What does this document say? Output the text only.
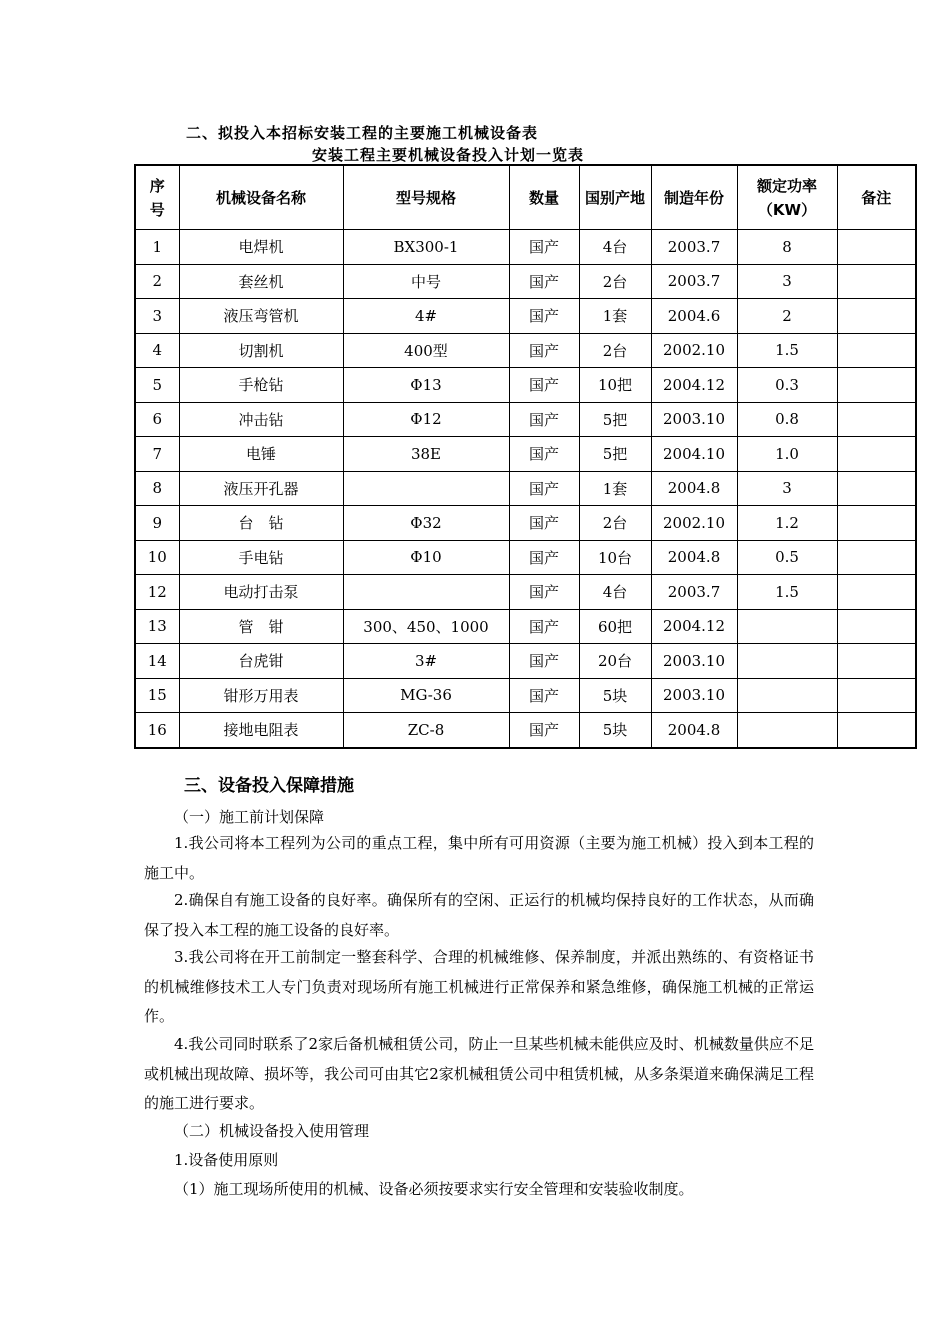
二、拟投入本招标安装工程的主要施工机械设备表
安装工程主要机械设备投入计划一览表
序号	机械设备名称	型号规格	数量	国别产地	制造年份	额定功率（KW）	备注
1	电焊机	BX300-1	国产	4台	2003.7	8	
2	套丝机	中号	国产	2台	2003.7	3	
3	液压弯管机	4#	国产	1套	2004.6	2	
4	切割机	400型	国产	2台	2002.10	1.5	
5	手枪钻	Φ13	国产	10把	2004.12	0.3	
6	冲击钻	Φ12	国产	5把	2003.10	0.8	
7	电锤	38E	国产	5把	2004.10	1.0	
8	液压开孔器		国产	1套	2004.8	3	
9	台　钻	Φ32	国产	2台	2002.10	1.2	
10	手电钻	Φ10	国产	10台	2004.8	0.5	
12	电动打击泵		国产	4台	2003.7	1.5	
13	管　钳	300、450、1000	国产	60把	2004.12		
14	台虎钳	3#	国产	20台	2003.10		
15	钳形万用表	MG-36	国产	5块	2003.10		
16	接地电阻表	ZC-8	国产	5块	2004.8		
三、设备投入保障措施
（一）施工前计划保障
1.我公司将本工程列为公司的重点工程，集中所有可用资源（主要为施工机械）投入到本工程的施工中。
2.确保自有施工设备的良好率。确保所有的空闲、正运行的机械均保持良好的工作状态，从而确保了投入本工程的施工设备的良好率。
3.我公司将在开工前制定一整套科学、合理的机械维修、保养制度，并派出熟练的、有资格证书的机械维修技术工人专门负责对现场所有施工机械进行正常保养和紧急维修，确保施工机械的正常运作。
4.我公司同时联系了2家后备机械租赁公司，防止一旦某些机械未能供应及时、机械数量供应不足或机械出现故障、损坏等，我公司可由其它2家机械租赁公司中租赁机械，从多条渠道来确保满足工程的施工进行要求。
（二）机械设备投入使用管理
1.设备使用原则
（1）施工现场所使用的机械、设备必须按要求实行安全管理和安装验收制度。
